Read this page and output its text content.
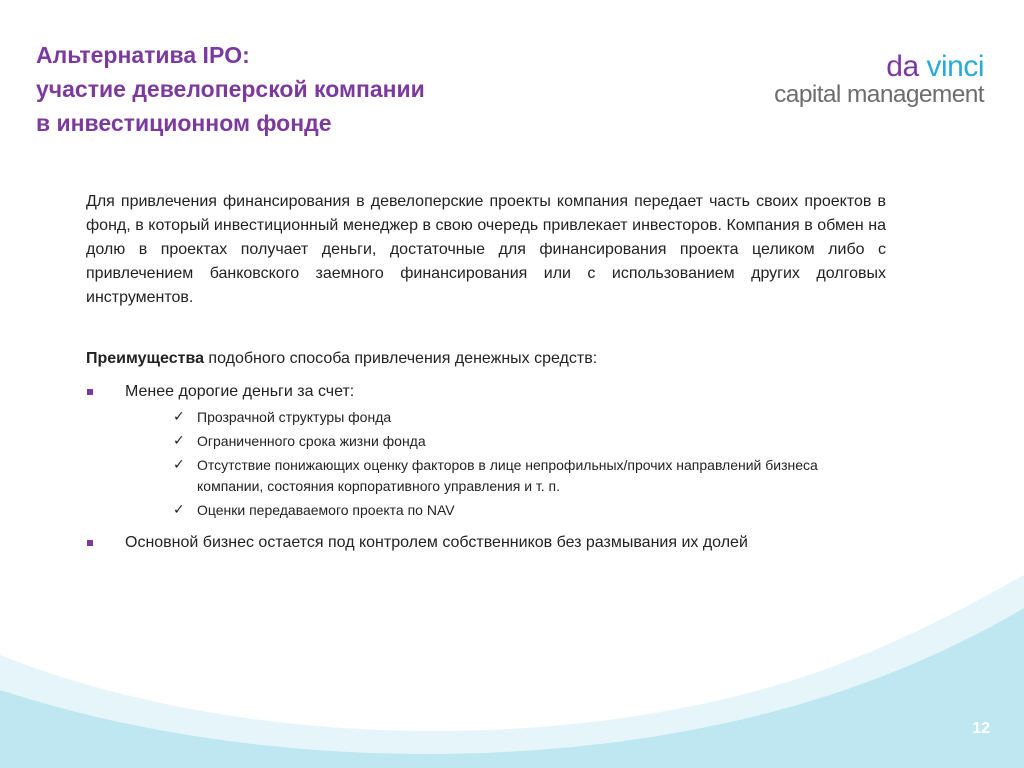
Альтернатива IPO:
участие девелоперской компании
в инвестиционном фонде
da vinci
capital management

Для привлечения финансирования в девелоперские проекты компания передает часть своих проектов в фонд, в который инвестиционный менеджер в свою очередь привлекает инвесторов. Компания в обмен на долю в проектах получает деньги, достаточные для финансирования проекта целиком либо с привлечением банковского заемного финансирования или с использованием других долговых инструментов.

Преимущества подобного способа привлечения денежных средств:

Менее дорогие деньги за счет:
✓ Прозрачной структуры фонда
✓ Ограниченного срока жизни фонда
✓ Отсутствие понижающих оценку факторов в лице непрофильных/прочих направлений бизнеса компании, состояния корпоративного управления и т. п.
✓ Оценки передаваемого проекта по NAV
Основной бизнес остается под контролем собственников без размывания их долей
12
